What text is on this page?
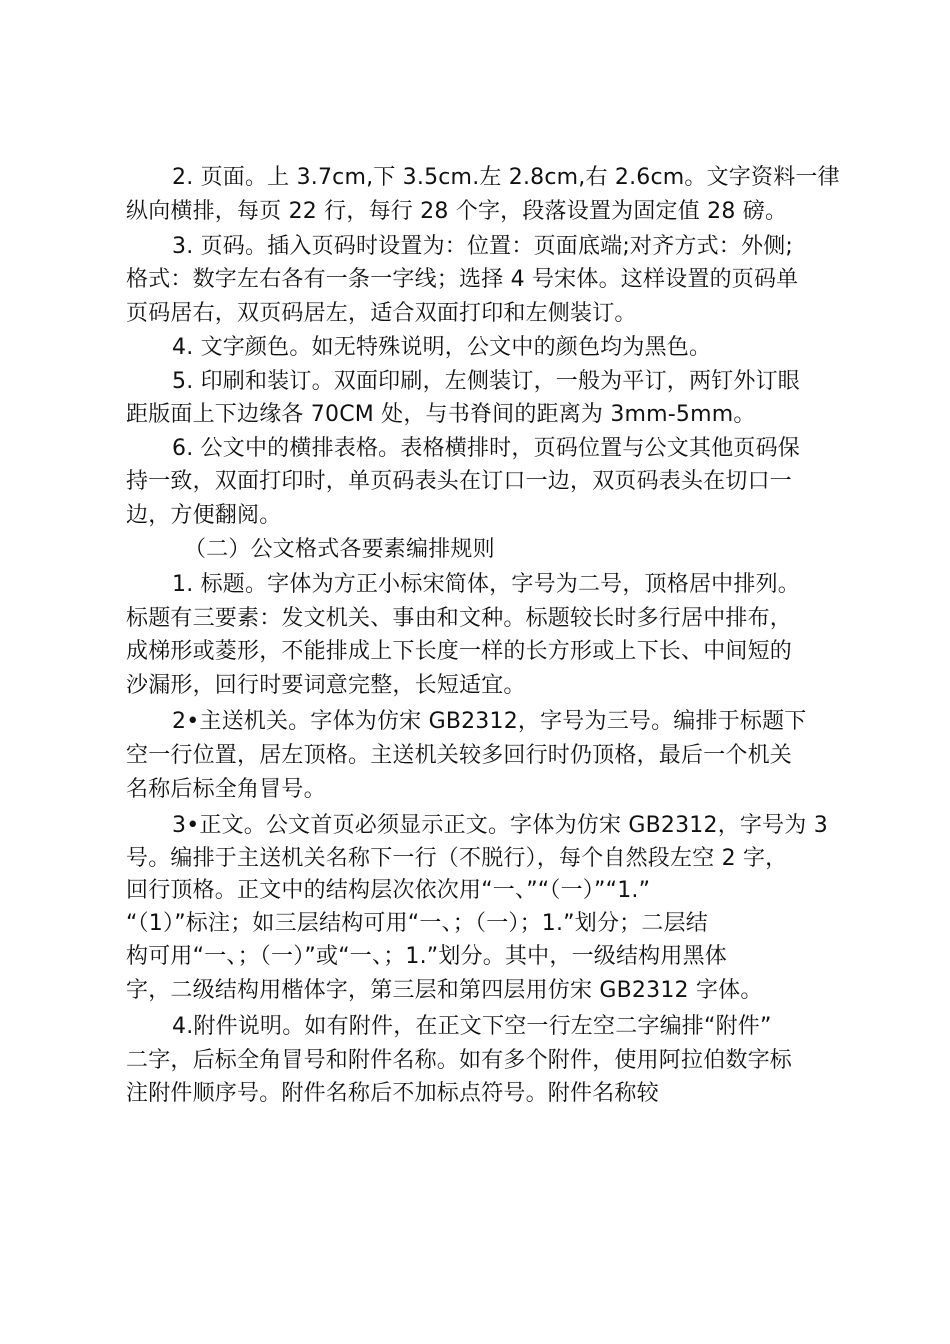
2. 页面。上 3.7cm,下 3.5cm.左 2.8cm,右 2.6cm。文字资料一律
纵向横排，每页 22 行，每行 28 个字，段落设置为固定值 28 磅。
3. 页码。插入页码时设置为：位置：页面底端;对齐方式：外侧;
格式：数字左右各有一条一字线；选择 4 号宋体。这样设置的页码单
页码居右，双页码居左，适合双面打印和左侧装订。
4. 文字颜色。如无特殊说明，公文中的颜色均为黑色。
5. 印刷和装订。双面印刷，左侧装订，一般为平订，两钉外订眼
距版面上下边缘各 70CM 处，与书脊间的距离为 3mm-5mm。
6. 公文中的横排表格。表格横排时，页码位置与公文其他页码保
持一致，双面打印时，单页码表头在订口一边，双页码表头在切口一
边，方便翻阅。
（二）公文格式各要素编排规则
1. 标题。字体为方正小标宋简体，字号为二号，顶格居中排列。
标题有三要素：发文机关、事由和文种。标题较长时多行居中排布，
成梯形或菱形，不能排成上下长度一样的长方形或上下长、中间短的
沙漏形，回行时要词意完整，长短适宜。
2•主送机关。字体为仿宋 GB2312，字号为三号。编排于标题下
空一行位置，居左顶格。主送机关较多回行时仍顶格，最后一个机关
名称后标全角冒号。
3•正文。公文首页必须显示正文。字体为仿宋 GB2312，字号为 3
号。编排于主送机关名称下一行（不脱行），每个自然段左空 2 字，
回行顶格。正文中的结构层次依次用“一、”“（一）”“1.”
“（1）”标注；如三层结构可用“一、；（一）；1.”划分；二层结
构可用“一、；（一）”或“一、；1.”划分。其中，一级结构用黑体
字，二级结构用楷体字，第三层和第四层用仿宋 GB2312 字体。
4.附件说明。如有附件，在正文下空一行左空二字编排“附件”
二字，后标全角冒号和附件名称。如有多个附件，使用阿拉伯数字标
注附件顺序号。附件名称后不加标点符号。附件名称较
